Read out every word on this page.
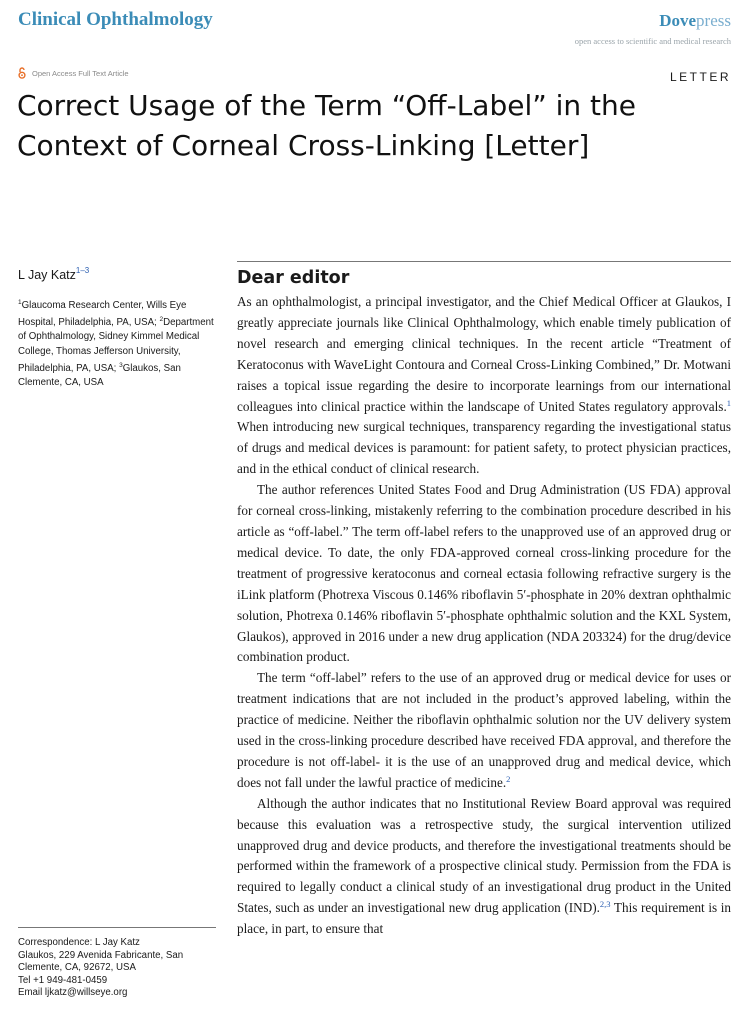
Clinical Ophthalmology	Dovepress
open access to scientific and medical research
Open Access Full Text Article	LETTER
Correct Usage of the Term “Off-Label” in the Context of Corneal Cross-Linking [Letter]
L Jay Katz$^{1-3}$
$^1$Glaucoma Research Center, Wills Eye Hospital, Philadelphia, PA, USA; $^2$Department of Ophthalmology, Sidney Kimmel Medical College, Thomas Jefferson University, Philadelphia, PA, USA; $^3$Glaukos, San Clemente, CA, USA
Correspondence: L Jay Katz
Glaukos, 229 Avenida Fabricante, San Clemente, CA, 92672, USA
Tel +1 949-481-0459
Email ljkatz@willseye.org
Dear editor

As an ophthalmologist, a principal investigator, and the Chief Medical Officer at Glaukos, I greatly appreciate journals like Clinical Ophthalmology, which enable timely publication of novel research and emerging clinical techniques. In the recent article “Treatment of Keratoconus with WaveLight Contoura and Corneal Cross-Linking Combined,” Dr. Motwani raises a topical issue regarding the desire to incorporate learnings from our international colleagues into clinical practice within the landscape of United States regulatory approvals.$^1$ When introducing new surgical techniques, transparency regarding the investigational status of drugs and medical devices is paramount: for patient safety, to protect physician practices, and in the ethical conduct of clinical research.

The author references United States Food and Drug Administration (US FDA) approval for corneal cross-linking, mistakenly referring to the combination procedure described in his article as “off-label.” The term off-label refers to the unapproved use of an approved drug or medical device. To date, the only FDA-approved corneal cross-linking procedure for the treatment of progressive keratoconus and corneal ectasia following refractive surgery is the iLink platform (Photrexa Viscous 0.146% riboflavin 5′-phosphate in 20% dextran ophthalmic solution, Photrexa 0.146% riboflavin 5′-phosphate ophthalmic solution and the KXL System, Glaukos), approved in 2016 under a new drug application (NDA 203324) for the drug/device combination product.

The term “off-label” refers to the use of an approved drug or medical device for uses or treatment indications that are not included in the product’s approved labeling, within the practice of medicine. Neither the riboflavin ophthalmic solution nor the UV delivery system used in the cross-linking procedure described have received FDA approval, and therefore the procedure is not off-label- it is the use of an unapproved drug and medical device, which does not fall under the lawful practice of medicine.$^2$

Although the author indicates that no Institutional Review Board approval was required because this evaluation was a retrospective study, the surgical intervention utilized unapproved drug and device products, and therefore the investigational treatments should be performed within the framework of a prospective clinical study. Permission from the FDA is required to legally conduct a clinical study of an investigational drug product in the United States, such as under an investigational new drug application (IND).$^{2,3}$ This requirement is in place, in part, to ensure that
